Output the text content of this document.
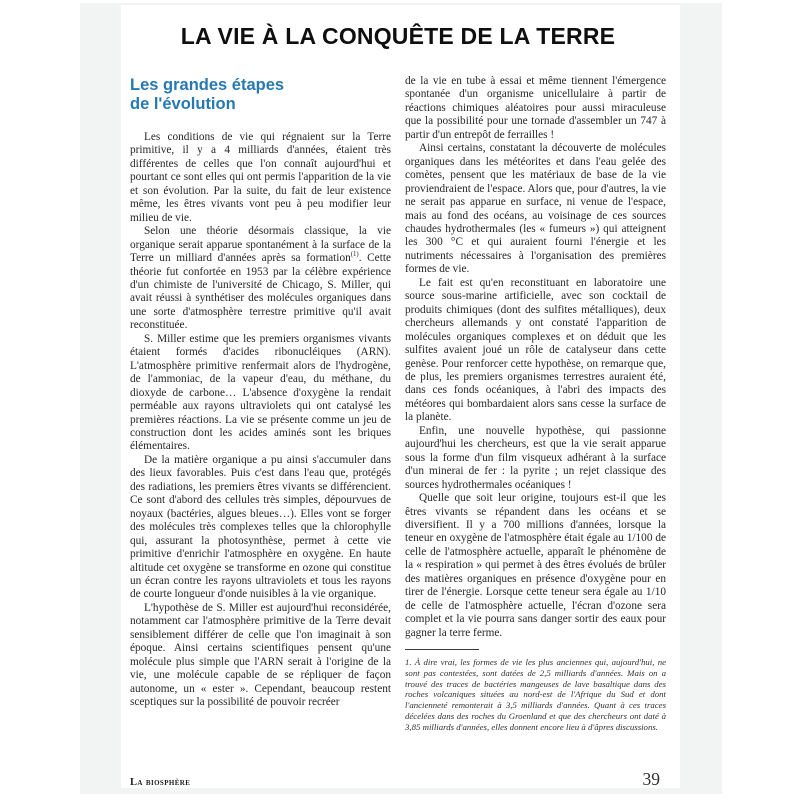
LA VIE À LA CONQUÊTE DE LA TERRE
Les grandes étapes
de l'évolution

Les conditions de vie qui régnaient sur la Terre primitive, il y a 4 milliards d'années, étaient très différentes de celles que l'on connaît aujourd'hui et pourtant ce sont elles qui ont permis l'apparition de la vie et son évolution. Par la suite, du fait de leur existence même, les êtres vivants vont peu à peu modifier leur milieu de vie.

Selon une théorie désormais classique, la vie organique serait apparue spontanément à la surface de la Terre un milliard d'années après sa formation$^{(1)}$. Cette théorie fut confortée en 1953 par la célèbre expérience d'un chimiste de l'université de Chicago, S. Miller, qui avait réussi à synthétiser des molécules organiques dans une sorte d'atmosphère terrestre primitive qu'il avait reconstituée.

S. Miller estime que les premiers organismes vivants étaient formés d'acides ribonucléiques (ARN). L'atmosphère primitive renfermait alors de l'hydrogène, de l'ammoniac, de la vapeur d'eau, du méthane, du dioxyde de carbone… L'absence d'oxygène la rendait perméable aux rayons ultraviolets qui ont catalysé les premières réactions. La vie se présente comme un jeu de construction dont les acides aminés sont les briques élémentaires.

De la matière organique a pu ainsi s'accumuler dans des lieux favorables. Puis c'est dans l'eau que, protégés des radiations, les premiers êtres vivants se différencient. Ce sont d'abord des cellules très simples, dépourvues de noyaux (bactéries, algues bleues…). Elles vont se forger des molécules très complexes telles que la chlorophylle qui, assurant la photosynthèse, permet à cette vie primitive d'enrichir l'atmosphère en oxygène. En haute altitude cet oxygène se transforme en ozone qui constitue un écran contre les rayons ultraviolets et tous les rayons de courte longueur d'onde nuisibles à la vie organique.

L'hypothèse de S. Miller est aujourd'hui reconsidérée, notamment car l'atmosphère primitive de la Terre devait sensiblement différer de celle que l'on imaginait à son époque. Ainsi certains scientifiques pensent qu'une molécule plus simple que l'ARN serait à l'origine de la vie, une molécule capable de se répliquer de façon autonome, un « ester ». Cependant, beaucoup restent sceptiques sur la possibilité de pouvoir recréer

de la vie en tube à essai et même tiennent l'émergence spontanée d'un organisme unicellulaire à partir de réactions chimiques aléatoires pour aussi miraculeuse que la possibilité pour une tornade d'assembler un 747 à partir d'un entrepôt de ferrailles !

Ainsi certains, constatant la découverte de molécules organiques dans les météorites et dans l'eau gelée des comètes, pensent que les matériaux de base de la vie proviendraient de l'espace. Alors que, pour d'autres, la vie ne serait pas apparue en surface, ni venue de l'espace, mais au fond des océans, au voisinage de ces sources chaudes hydrothermales (les « fumeurs ») qui atteignent les 300 °C et qui auraient fourni l'énergie et les nutriments nécessaires à l'organisation des premières formes de vie.

Le fait est qu'en reconstituant en laboratoire une source sous-marine artificielle, avec son cocktail de produits chimiques (dont des sulfites métalliques), deux chercheurs allemands y ont constaté l'apparition de molécules organiques complexes et on déduit que les sulfites avaient joué un rôle de catalyseur dans cette genèse. Pour renforcer cette hypothèse, on remarque que, de plus, les premiers organismes terrestres auraient été, dans ces fonds océaniques, à l'abri des impacts des météores qui bombardaient alors sans cesse la surface de la planète.

Enfin, une nouvelle hypothèse, qui passionne aujourd'hui les chercheurs, est que la vie serait apparue sous la forme d'un film visqueux adhérant à la surface d'un minerai de fer : la pyrite ; un rejet classique des sources hydrothermales océaniques !

Quelle que soit leur origine, toujours est-il que les êtres vivants se répandent dans les océans et se diversifient. Il y a 700 millions d'années, lorsque la teneur en oxygène de l'atmosphère était égale au 1/100 de celle de l'atmosphère actuelle, apparaît le phénomène de la « respiration » qui permet à des êtres évolués de brûler des matières organiques en présence d'oxygène pour en tirer de l'énergie. Lorsque cette teneur sera égale au 1/10 de celle de l'atmosphère actuelle, l'écran d'ozone sera complet et la vie pourra sans danger sortir des eaux pour gagner la terre ferme.

1. À dire vrai, les formes de vie les plus anciennes qui, aujourd'hui, ne sont pas contestées, sont datées de 2,5 milliards d'années. Mais on a trouvé des traces de bactéries mangeuses de lave basaltique dans des roches volcaniques situées au nord-est de l'Afrique du Sud et dont l'ancienneté remonterait à 3,5 milliards d'années. Quant à ces traces décelées dans des roches du Groenland et que des chercheurs ont daté à 3,85 milliards d'années, elles donnent encore lieu à d'âpres discussions.

La biosphère	39
